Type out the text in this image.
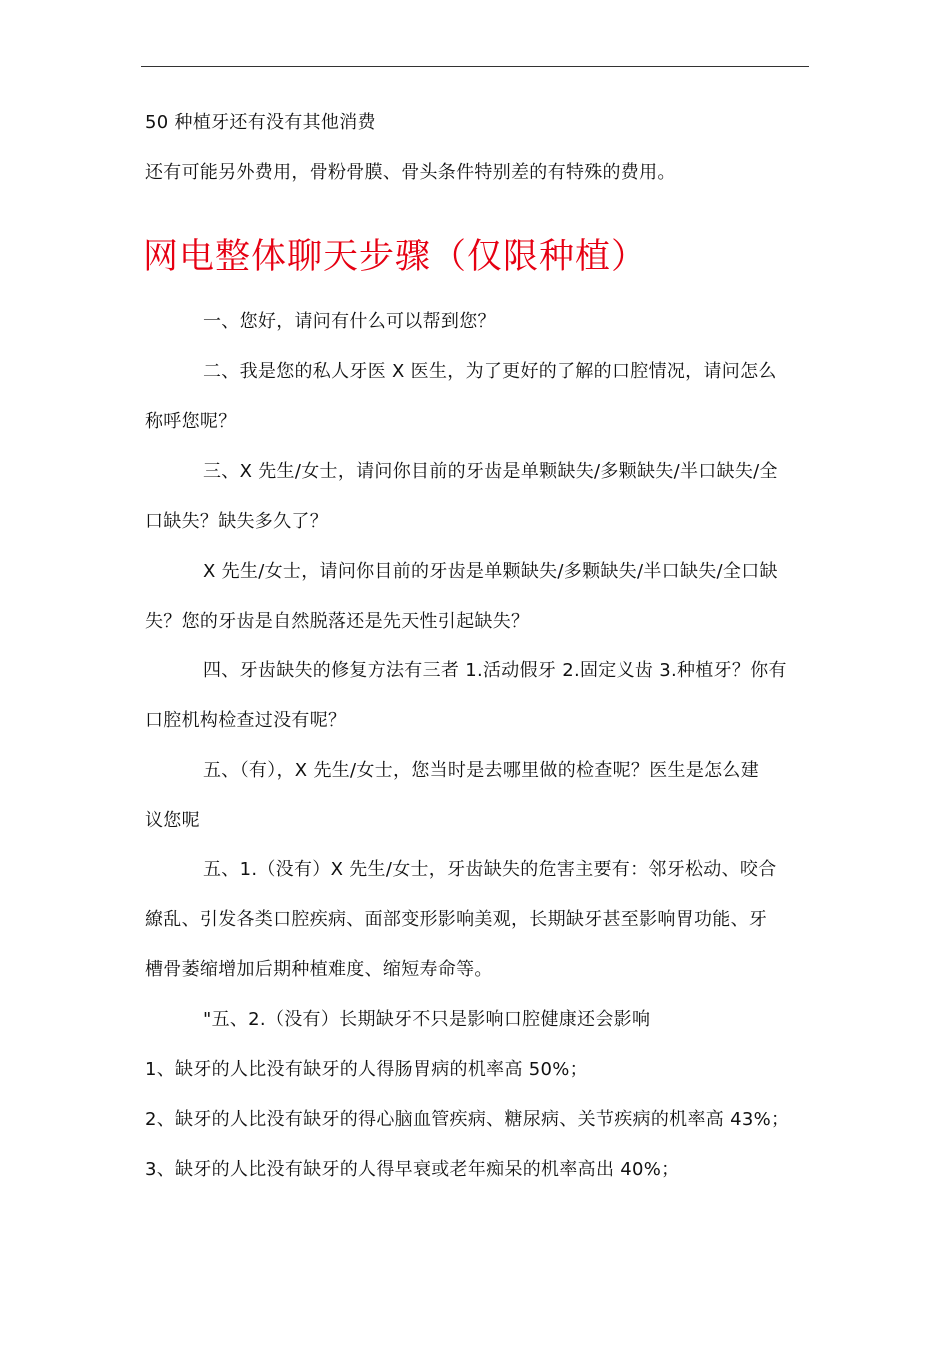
50 种植牙还有没有其他消费
还有可能另外费用，骨粉骨膜、骨头条件特别差的有特殊的费用。
网电整体聊天步骤（仅限种植）
一、您好，请问有什么可以帮到您？
二、我是您的私人牙医 X 医生，为了更好的了解的口腔情况，请问怎么
称呼您呢？
三、X 先生/女士，请问你目前的牙齿是单颗缺失/多颗缺失/半口缺失/全
口缺失？缺失多久了？
X 先生/女士，请问你目前的牙齿是单颗缺失/多颗缺失/半口缺失/全口缺
失？您的牙齿是自然脱落还是先天性引起缺失？
四、牙齿缺失的修复方法有三者 1.活动假牙 2.固定义齿 3.种植牙？你有
口腔机构检查过没有呢？
五、（有），X 先生/女士，您当时是去哪里做的检查呢？医生是怎么建
议您呢
五、1.（没有）X 先生/女士，牙齿缺失的危害主要有：邻牙松动、咬合
繚乱、引发各类口腔疾病、面部变形影响美观，长期缺牙甚至影响胃功能、牙
槽骨萎缩增加后期种植难度、缩短寿命等。
"五、2.（没有）长期缺牙不只是影响口腔健康还会影响
1、缺牙的人比没有缺牙的人得肠胃病的机率高 50%；
2、缺牙的人比没有缺牙的得心脑血管疾病、糖尿病、关节疾病的机率高 43%；
3、缺牙的人比没有缺牙的人得早衰或老年痴呆的机率高出 40%；
